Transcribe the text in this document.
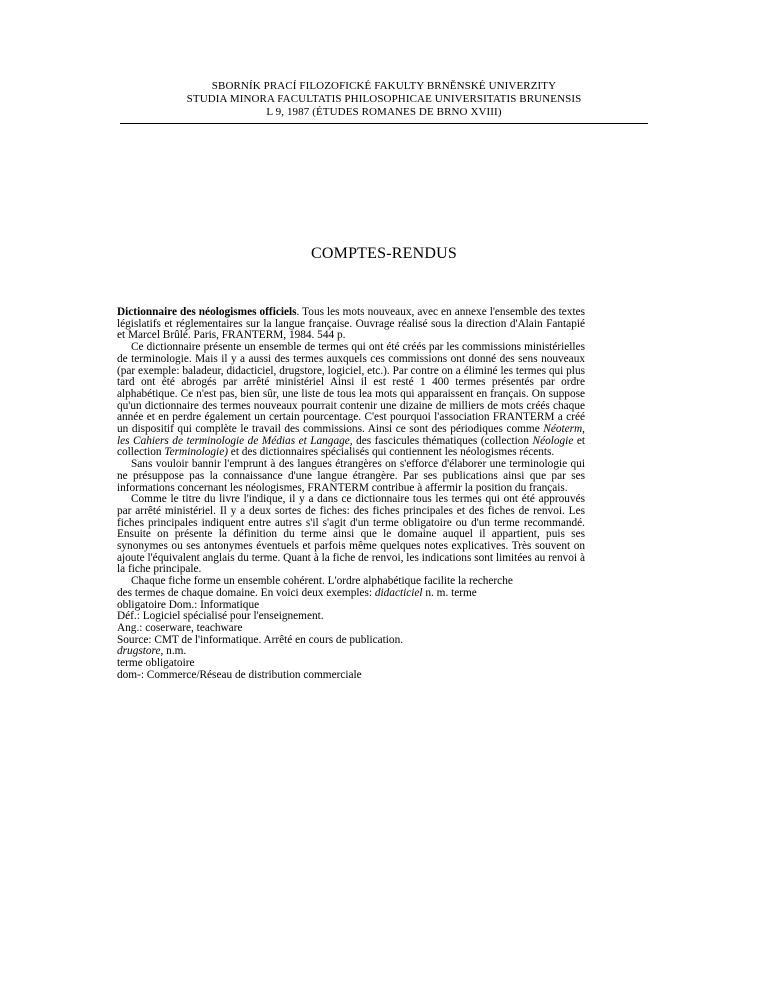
SBORNÍK PRACÍ FILOZOFICKÉ FAKULTY BRNĚNSKÉ UNIVERZITY
STUDIA MINORA FACULTATIS PHILOSOPHICAE UNIVERSITATIS BRUNENSIS
L 9, 1987 (ÉTUDES ROMANES DE BRNO XVIII)
COMPTES-RENDUS

Dictionnaire des néologismes officiels. Tous les mots nouveaux, avec en annexe l'ensemble des textes législatifs et réglementaires sur la langue française. Ouvrage réalisé sous la direction d'Alain Fantapié et Marcel Brûlé. Paris, FRANTERM, 1984. 544 p.

Ce dictionnaire présente un ensemble de termes qui ont été créés par les commissions ministérielles de terminologie. Mais il y a aussi des termes auxquels ces commissions ont donné des sens nouveaux (par exemple: baladeur, didacticiel, drugstore, logiciel, etc.). Par contre on a éliminé les termes qui plus tard ont été abrogés par arrêté ministériel Ainsi il est resté 1 400 termes présentés par ordre alphabétique. Ce n'est pas, bien sûr, une liste de tous lea mots qui apparaissent en français. On suppose qu'un dictionnaire des termes nouveaux pourrait contenir une dizaine de milliers de mots créés chaque année et en perdre également un certain pourcentage. C'est pourquoi l'association FRANTERM a créé un dispositif qui complète le travail des commissions. Ainsi ce sont des périodiques comme Néoterm, les Cahiers de terminologie de Médias et Langage, des fascicules thématiques (collection Néologie et collection Terminologie) et des dictionnaires spécialisés qui contiennent les néologismes récents.

Sans vouloir bannir l'emprunt à des langues étrangères on s'efforce d'élaborer une terminologie qui ne présuppose pas la connaissance d'une langue étrangère. Par ses publications ainsi que par ses informations concernant les néologismes, FRANTERM contribue à affermir la position du français.

Comme le titre du livre l'indique, il y a dans ce dictionnaire tous les termes qui ont été approuvés par arrêté ministériel. Il y a deux sortes de fiches: des fiches principales et des fiches de renvoi. Les fiches principales indiquent entre autres s'il s'agit d'un terme obligatoire ou d'un terme recommandé. Ensuite on présente la définition du terme ainsi que le domaine auquel il appartient, puis ses synonymes ou ses antonymes éventuels et parfois même quelques notes explicatives. Très souvent on ajoute l'équivalent anglais du terme. Quant à la fiche de renvoi, les indications sont limitées au renvoi à la fiche principale.

Chaque fiche forme un ensemble cohérent. L'ordre alphabétique facilite la recherche

des termes de chaque domaine. En voici deux exemples: didacticiel n. m. terme
obligatoire Dom.: Informatique
Déf.: Logiciel spécialisé pour l'enseignement.
Ang.: coserware, teachware
Source: CMT de l'informatique. Arrêté en cours de publication.
drugstore, n.m.
terme obligatoire
dom-: Commerce/Réseau de distribution commerciale
